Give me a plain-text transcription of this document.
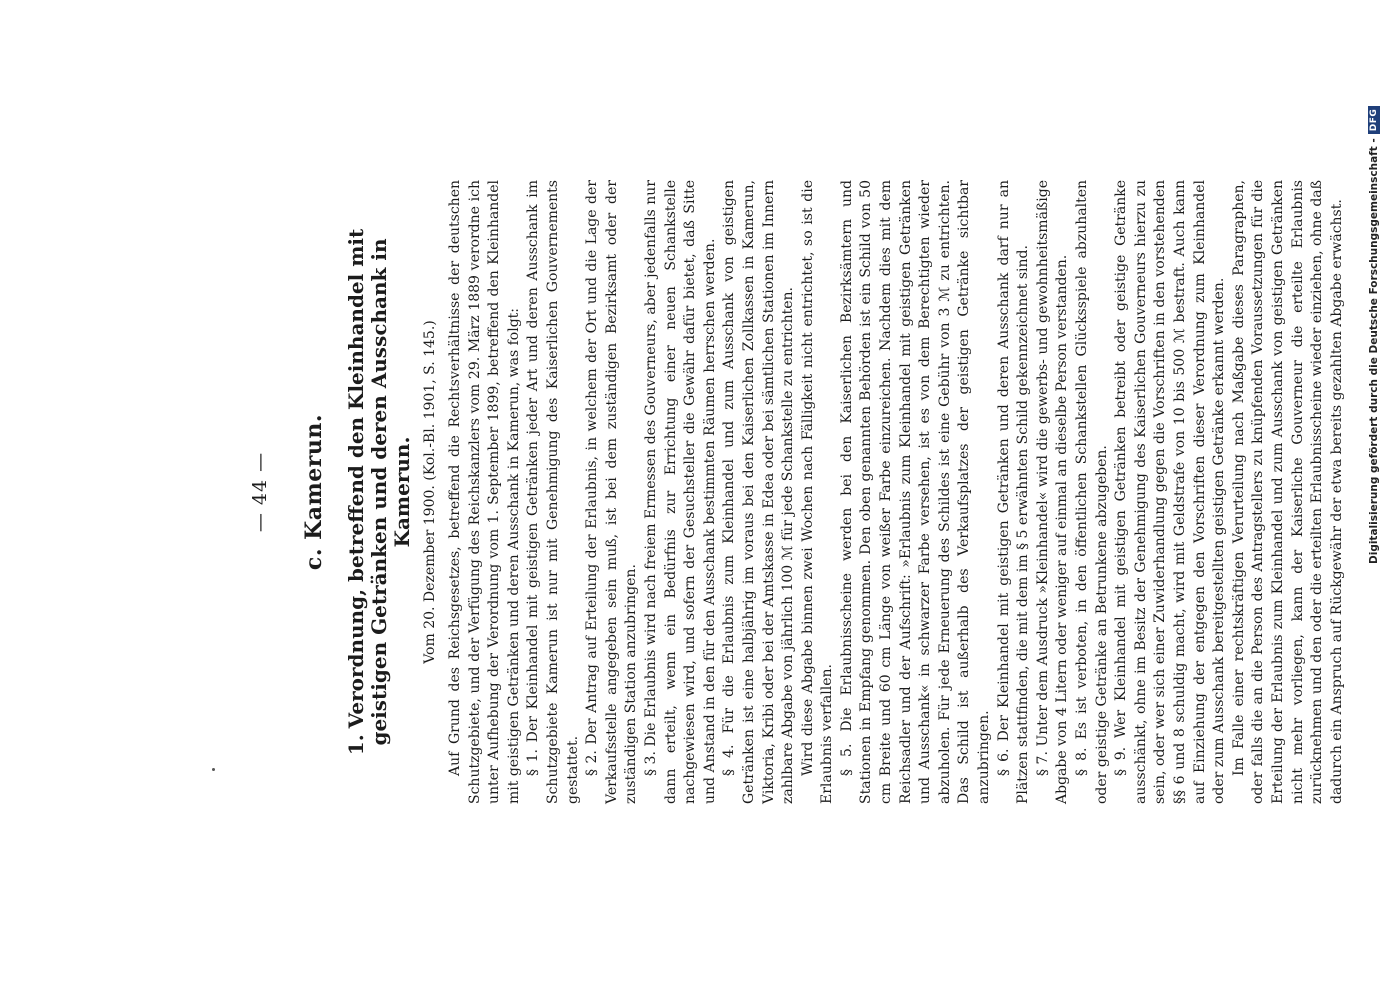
— 44 — c. Kamerun.
1.Verordnung, betreffend den Kleinhandel mit geistigen Getränken und deren Ausschank in Kamerun. Vom 20. Dezember 1900. (Kol.-Bl. 1901, S. 145.) Auf Grund des Reichsgesetzes, betreffend die Rechtsverhältnisse der deutschen Schutzgebiete, und der Verfügung des Reichskanzlers vom 29. März 1889 verordne ich unter Aufhebung der Verordnung vom 1. September 1899, betreffend den Kleinhandel mit geistigen Getränken und deren Ausschank in Kamerun, was folgt: § 1. Der Kleinhandel mit geistigen Getränken jeder Art und deren Ausschank im Schutzgebiete Kamerun ist nur mit Genehmigung des Kaiserlichen Gouvernements gestattet. § 2. Der Antrag auf Erteilung der Erlaubnis, in welchem der Ort und die Lage der Verkaufsstelle angegeben sein muß, ist bei dem zuständigen Bezirksamt oder der zuständigen Station anzubringen. § 3. Die Erlaubnis wird nach freiem Ermessen des Gouverneurs, aber jedenfalls nur dann erteilt, wenn ein Bedürfnis zur Errichtung einer neuen Schankstelle nachgewiesen wird, und sofern der Gesuchsteller die Gewähr dafür bietet, daß Sitte und Anstand in den für den Ausschank bestimmten Räumen herrschen werden. § 4. Für die Erlaubnis zum Kleinhandel und zum Ausschank von geistigen Getränken ist eine halbjährig im voraus bei den Kaiserlichen Zollkassen in Kamerun, Viktoria, Kribi oder bei der Amtskasse in Edea oder bei sämtlichen Stationen im Innern zahlbare Abgabe von jährlich 100 ℳ für jede Schankstelle zu entrichten. Wird diese Abgabe binnen zwei Wochen nach Fälligkeit nicht entrichtet, so ist die Erlaubnis verfallen. § 5. Die Erlaubnisscheine werden bei den Kaiserlichen Bezirksämtern und Stationen in Empfang genommen. Den oben genannten Behörden ist ein Schild von 50 cm Breite und 60 cm Länge von weißer Farbe einzureichen. Nachdem dies mit dem Reichsadler und der Aufschrift: »Erlaubnis zum Kleinhandel mit geistigen Getränken und Ausschank« in schwarzer Farbe versehen, ist es von dem Berechtigten wieder abzuholen. Für jede Erneuerung des Schildes ist eine Gebühr von 3 ℳ zu entrichten. Das Schild ist außerhalb des Verkaufsplatzes der geistigen Getränke sichtbar anzubringen. § 6. Der Kleinhandel mit geistigen Getränken und deren Ausschank darf nur an Plätzen stattfinden, die mit dem im § 5 erwähnten Schild gekennzeichnet sind. § 7. Unter dem Ausdruck »Kleinhandel« wird die gewerbs- und gewohnheitsmäßige Abgabe von 4 Litern oder weniger auf einmal an dieselbe Person verstanden. § 8. Es ist verboten, in den öffentlichen Schankstellen Glücksspiele abzuhalten oder geistige Getränke an Betrunkene abzugeben. § 9. Wer Kleinhandel mit geistigen Getränken betreibt oder geistige Getränke ausschänkt, ohne im Besitz der Genehmigung des Kaiserlichen Gouverneurs hierzu zu sein, oder wer sich einer Zuwiderhandlung gegen die Vorschriften in den vorstehenden §§ 6 und 8 schuldig macht, wird mit Geldstrafe von 10 bis 500 ℳ bestraft. Auch kann auf Einziehung der entgegen den Vorschriften dieser Verordnung zum Kleinhandel oder zum Ausschank bereitgestellten geistigen Getränke erkannt werden. Im Falle einer rechtskräftigen Verurteilung nach Maßgabe dieses Paragraphen, oder falls die an die Person des Antragstellers zu knüpfenden Voraussetzungen für die Erteilung der Erlaubnis zum Kleinhandel und zum Ausschank von geistigen Getränken nicht mehr vorliegen, kann der Kaiserliche Gouverneur die erteilte Erlaubnis zurücknehmen und den oder die erteilten Erlaubnisscheine wieder einziehen, ohne daß dadurch ein Anspruch auf Rückgewähr der etwa bereits gezahlten Abgabe erwächst. Digitalisierung gefördert durch die Deutsche Forschungsgemeinschaft -
DFG
